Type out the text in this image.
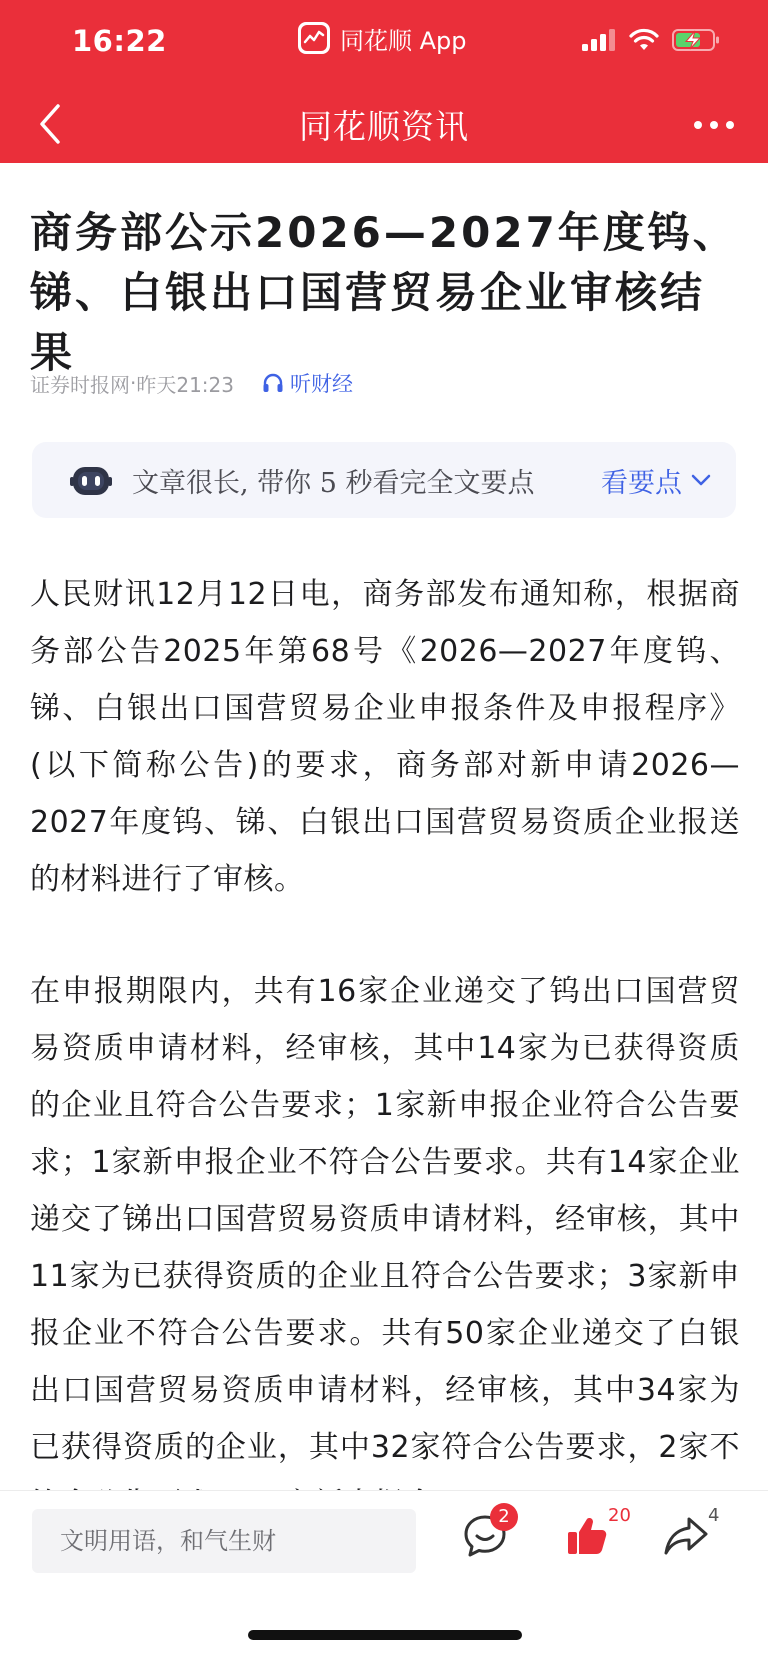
16:22	同花顺 App
同花顺资讯
商务部公示2026—2027年度钨、锑、白银出口国营贸易企业审核结果
证券时报网 · 昨天21:23	听财经
文章很长, 带你 5 秒看完全文要点 看要点

人民财讯12月12日电，商务部发布通知称，根据商务部公告2025年第68号《2026—2027年度钨、锑、白银出口国营贸易企业申报条件及申报程序》(以下简称公告)的要求，商务部对新申请2026—2027年度钨、锑、白银出口国营贸易资质企业报送的材料进行了审核。

在申报期限内，共有16家企业递交了钨出口国营贸易资质申请材料，经审核，其中14家为已获得资质的企业且符合公告要求；1家新申报企业符合公告要求；1家新申报企业不符合公告要求。共有14家企业递交了锑出口国营贸易资质申请材料，经审核，其中11家为已获得资质的企业且符合公告要求；3家新申报企业不符合公告要求。共有50家企业递交了白银出口国营贸易资质申请材料，经审核，其中34家为已获得资质的企业，其中32家符合公告要求，2家不

文明用语，和气生财
2	20	4
